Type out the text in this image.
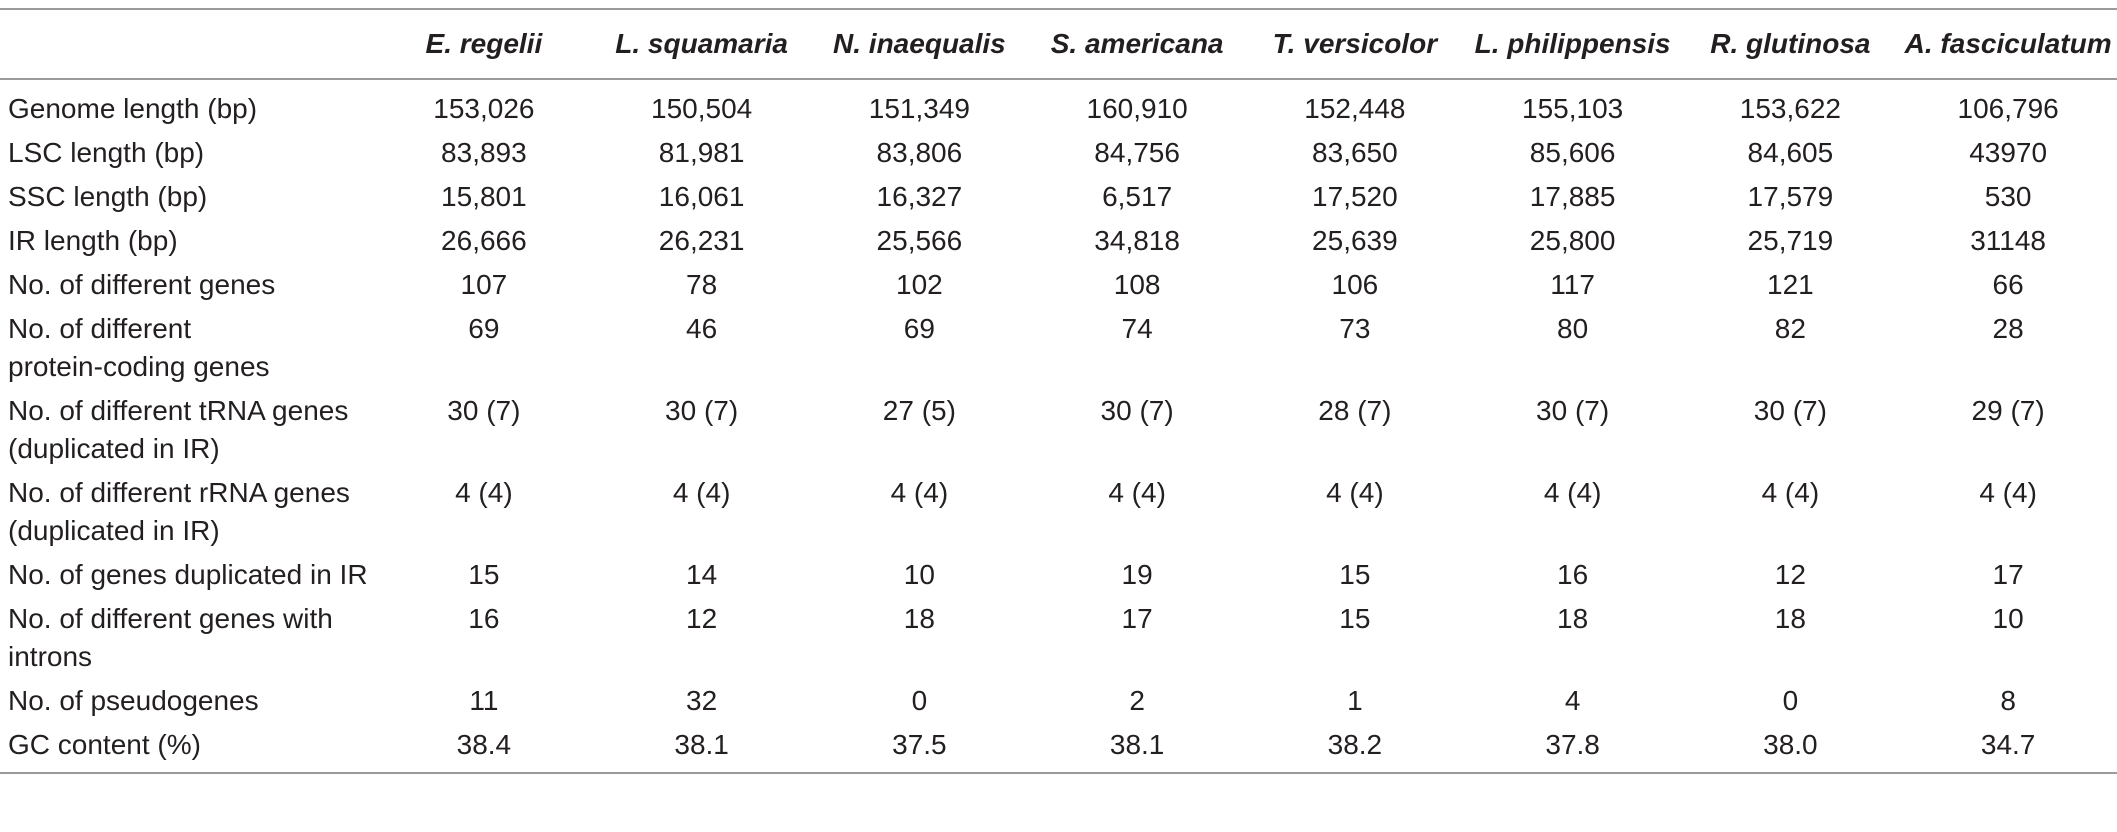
	E. regelii	L. squamaria	N. inaequalis	S. americana	T. versicolor	L. philippensis	R. glutinosa	A. fasciculatum

Genome length (bp)	153,026	150,504	151,349	160,910	152,448	155,103	153,622	106,796

LSC length (bp)	83,893	81,981	83,806	84,756	83,650	85,606	84,605	43970

SSC length (bp)	15,801	16,061	16,327	6,517	17,520	17,885	17,579	530

IR length (bp)	26,666	26,231	25,566	34,818	25,639	25,800	25,719	31148

No. of different genes	107	78	102	108	106	117	121	66

No. of different
protein-coding genes	69	46	69	74	73	80	82	28

No. of different tRNA genes
(duplicated in IR)	30 (7)	30 (7)	27 (5)	30 (7)	28 (7)	30 (7)	30 (7)	29 (7)

No. of different rRNA genes
(duplicated in IR)	4 (4)	4 (4)	4 (4)	4 (4)	4 (4)	4 (4)	4 (4)	4 (4)

No. of genes duplicated in IR	15	14	10	19	15	16	12	17

No. of different genes with
introns	16	12	18	17	15	18	18	10

No. of pseudogenes	11	32	0	2	1	4	0	8

GC content (%)	38.4	38.1	37.5	38.1	38.2	37.8	38.0	34.7
